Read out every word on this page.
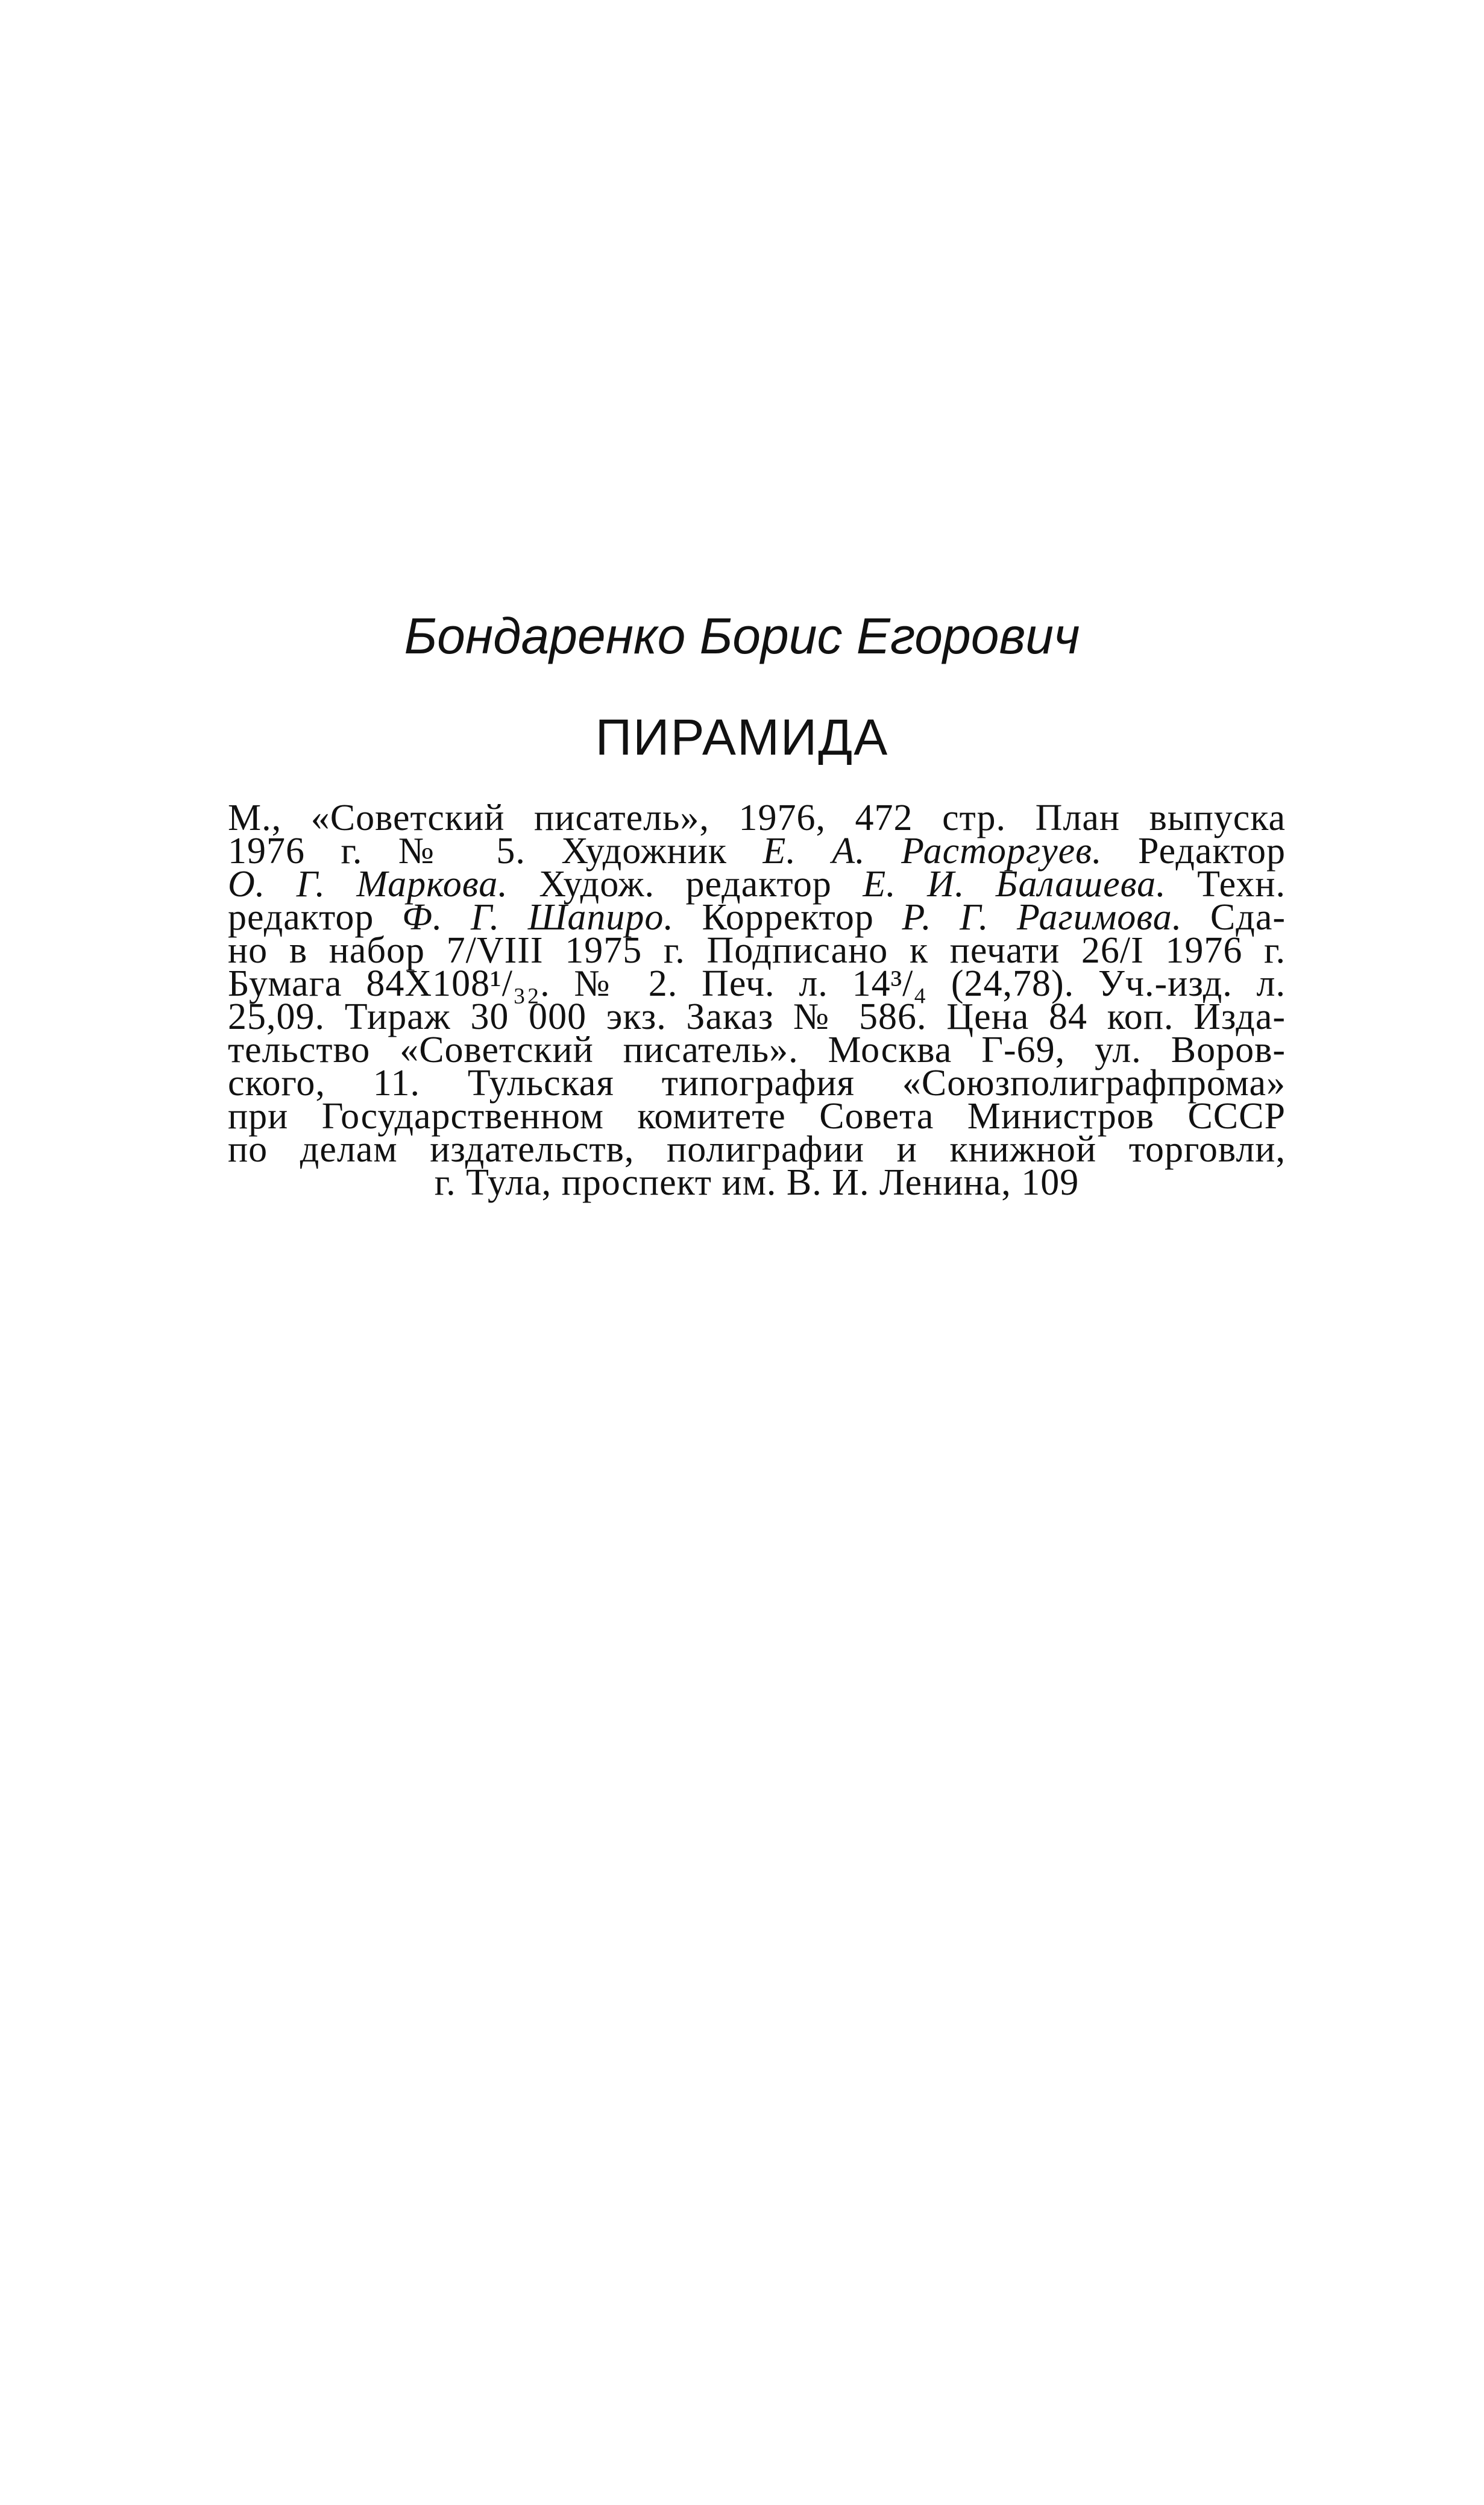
Бондаренко Борис Егорович
ПИРАМИДА
М., «Советский писатель», 1976, 472 стр. План выпуска
1976 г. № 5. Художник Е. А. Расторгуев. Редактор
О. Г. Маркова. Худож. редактор Е. И. Балашева. Техн.
редактор Ф. Г. Шапиро. Корректор Р. Г. Рагимова. Сда-
но в набор 7/VIII 1975 г. Подписано к печати 26/I 1976 г.
Бумага 84Х108¹/₃₂. № 2. Печ. л. 14³/₄ (24,78). Уч.-изд. л.
25,09. Тираж 30 000 экз. Заказ № 586. Цена 84 коп. Изда-
тельство «Советский писатель». Москва Г-69, ул. Воров-
ского, 11. Тульская типография «Союзполиграфпрома»
при Государственном комитете Совета Министров СССР
по делам издательств, полиграфии и книжной торговли,
г. Тула, проспект им. В. И. Ленина, 109
